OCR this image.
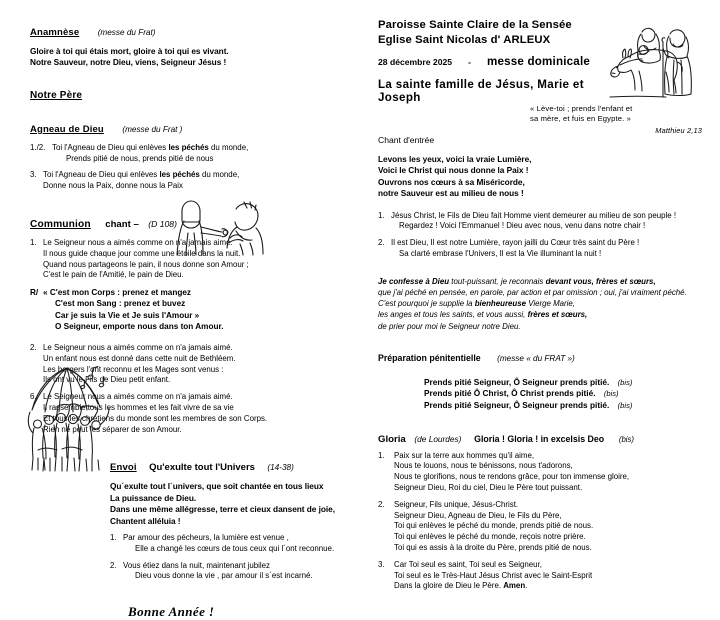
Anamnèse (messe du Frat)
Gloire à toi qui étais mort, gloire à toi qui es vivant.
Notre Sauveur, notre Dieu, viens, Seigneur Jésus !
Notre Père
Agneau de Dieu (messe du Frat )
1./2. Toi l'Agneau de Dieu qui enlèves les péchés du monde,
Prends pitié de nous, prends pitié de nous
3. Toi l'Agneau de Dieu qui enlèves les péchés du monde,
Donne nous la Paix, donne nous la Paix
Communion chant – (D 108)
1. Le Seigneur nous a aimés comme on n'a jamais aimé.
Il nous guide chaque jour comme une étoile dans la nuit.
Quand nous partageons le pain, il nous donne son Amour ;
C'est le pain de l'Amitié, le pain de Dieu.
R/ « C'est mon Corps : prenez et mangez
C'est mon Sang : prenez et buvez
Car je suis la Vie et Je suis l'Amour »
O Seigneur, emporte nous dans ton Amour.
2. Le Seigneur nous a aimés comme on n'a jamais aimé.
Un enfant nous est donné dans cette nuit de Bethléem.
Les bergers l'ont reconnu et les Mages sont venus :
Ils ont vu le Fils de Dieu petit enfant.
6. Le Seigneur nous a aimés comme on n'a jamais aimé.
Il rassemble tous les hommes et les fait vivre de sa vie
Et tous les chrétiens du monde sont les membres de son Corps.
Rien ne peut les séparer de son Amour.
Envoi Qu'exulte tout l'Univers (14-38)
Qu´exulte tout l´univers, que soit chantée en tous lieux
La puissance de Dieu.
Dans une même allégresse, terre et cieux dansent de joie,
Chantent alléluia !
1. Par amour des pécheurs, la lumière est venue ,
Elle a changé les cœurs de tous ceux qui l´ont reconnue.
2. Vous étiez dans la nuit, maintenant jubilez
Dieu vous donne la vie , par amour il s´est incarné.
Bonne Année !
Paroisse Sainte Claire de la Sensée
Eglise Saint Nicolas d' ARLEUX
28 décembre 2025 - messe dominicale
La sainte famille de Jésus, Marie et Joseph
« Lève-toi ; prends l'enfant et
sa mère, et fuis en Egypte. »
Matthieu 2,13
Chant d'entrée
Levons les yeux, voici la vraie Lumière,
Voici le Christ qui nous donne la Paix !
Ouvrons nos cœurs à sa Miséricorde,
notre Sauveur est au milieu de nous !
1. Jésus Christ, le Fils de Dieu fait Homme vient demeurer au milieu de son peuple !
Regardez ! Voici l'Emmanuel ! Dieu avec nous, venu dans notre chair !
2. Il est Dieu, Il est notre Lumière, rayon jailli du Cœur très saint du Père !
Sa clarté embrase l'Univers, Il est la Vie illuminant la nuit !
Je confesse à Dieu tout-puissant, je reconnais devant vous, frères et sœurs,
que j'ai péché en pensée, en parole, par action et par omission ; oui, j'ai vraiment péché.
C'est pourquoi je supplie la bienheureuse Vierge Marie,
les anges et tous les saints, et vous aussi, frères et sœurs,
de prier pour moi le Seigneur notre Dieu.
Préparation pénitentielle (messe « du FRAT »)
Prends pitié Seigneur, Ô Seigneur prends pitié. (bis)
Prends pitié Ô Christ, Ô Christ prends pitié. (bis)
Prends pitié Seigneur, Ô Seigneur prends pitié. (bis)
Gloria (de Lourdes) Gloria ! Gloria ! in excelsis Deo (bis)
1.	Paix sur la terre aux hommes qu'il aime,
Nous te louons, nous te bénissons, nous t'adorons,
Nous te glorifions, nous te rendons grâce, pour ton immense gloire,
Seigneur Dieu, Roi du ciel, Dieu le Père tout puissant.
2.	Seigneur, Fils unique, Jésus-Christ.
Seigneur Dieu, Agneau de Dieu, le Fils du Père,
Toi qui enlèves le péché du monde, prends pitié de nous.
Toi qui enlèves le péché du monde, reçois notre prière.
Toi qui es assis à la droite du Père, prends pitié de nous.
3.	Car Toi seul es saint, Toi seul es Seigneur,
Toi seul es le Très-Haut Jésus Christ avec le Saint-Esprit
Dans la gloire de Dieu le Père. Amen.
